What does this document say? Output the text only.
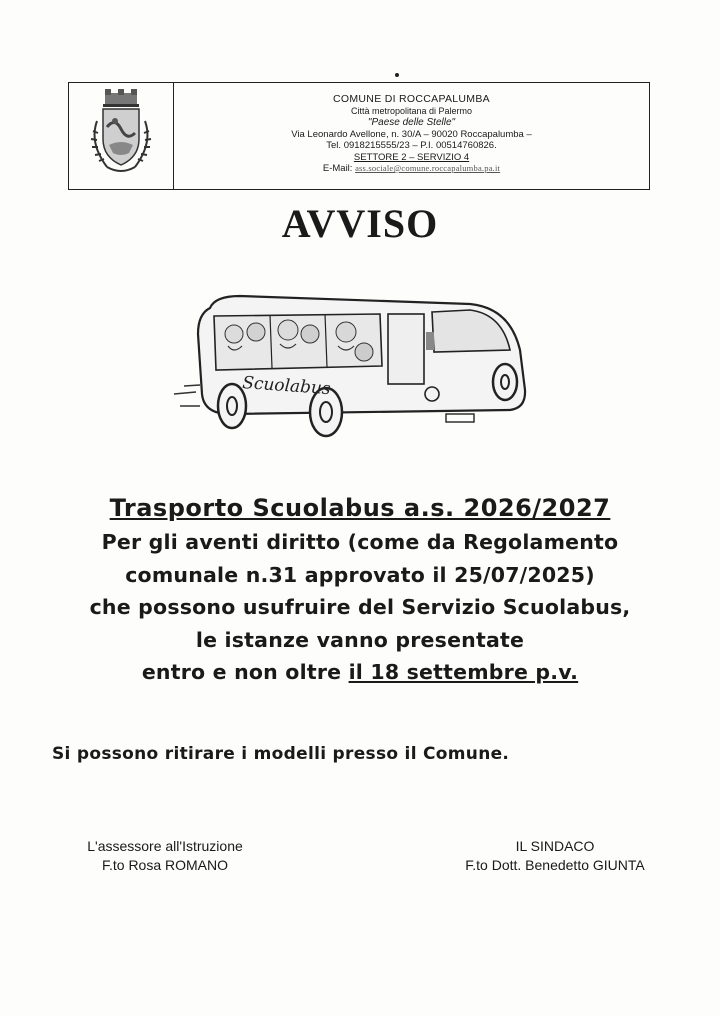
COMUNE DI ROCCAPALUMBA
Città metropolitana di Palermo
"Paese delle Stelle"
Via Leonardo Avellone, n. 30/A – 90020 Roccapalumba –
Tel. 0918215555/23 – P.I. 00514760826.
SETTORE 2 – SERVIZIO 4
E-Mail: ass.sociale@comune.roccapalumba.pa.it
AVVISO
Scuolabus
Trasporto Scuolabus a.s. 2026/2027
Per gli aventi diritto (come da Regolamento
comunale n.31 approvato il 25/07/2025)
che possono usufruire del Servizio Scuolabus,
le istanze vanno presentate
entro e non oltre il 18 settembre p.v.
Si possono ritirare i modelli presso il Comune.
L'assessore all'Istruzione
F.to Rosa ROMANO
IL SINDACO
F.to Dott. Benedetto GIUNTA
